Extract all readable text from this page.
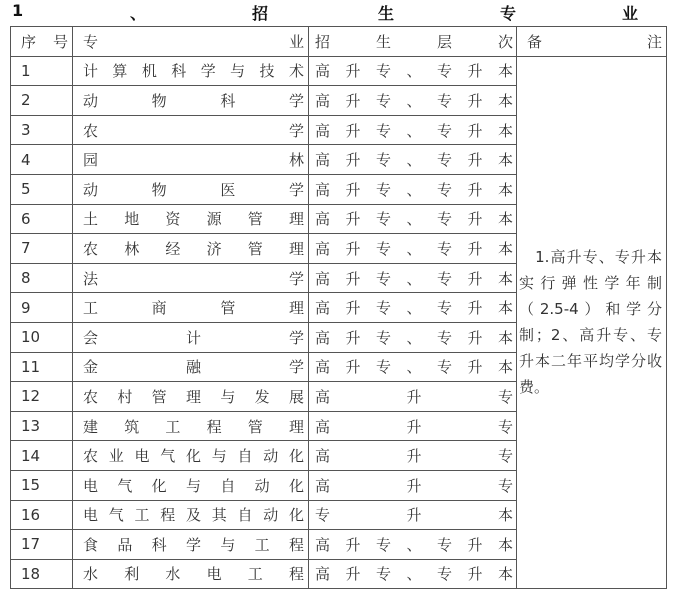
1	、	招	生	专	业
序　号	专业	招生层次	备注
1	计算机科学与技术	高升专、专升本	　1.高升专、专升本实行弹性学年制（2.5-4）和学分制；2、高升专、专升本二年平均学分收费。
2	动物科学	高升专、专升本	
3	农学	高升专、专升本	
4	园林	高升专、专升本	
5	动物医学	高升专、专升本	
6	土地资源管理	高升专、专升本	
7	农林经济管理	高升专、专升本	
8	法学	高升专、专升本	
9	工商管理	高升专、专升本	
10	会计学	高升专、专升本	
11	金融学	高升专、专升本	
12	农村管理与发展	高升专	
13	建筑工程管理	高升专	
14	农业电气化与自动化	高升专	
15	电气化与自动化	高升专	
16	电气工程及其自动化	专升本	
17	食品科学与工程	高升专、专升本	
18	水利水电工程	高升专、专升本	
